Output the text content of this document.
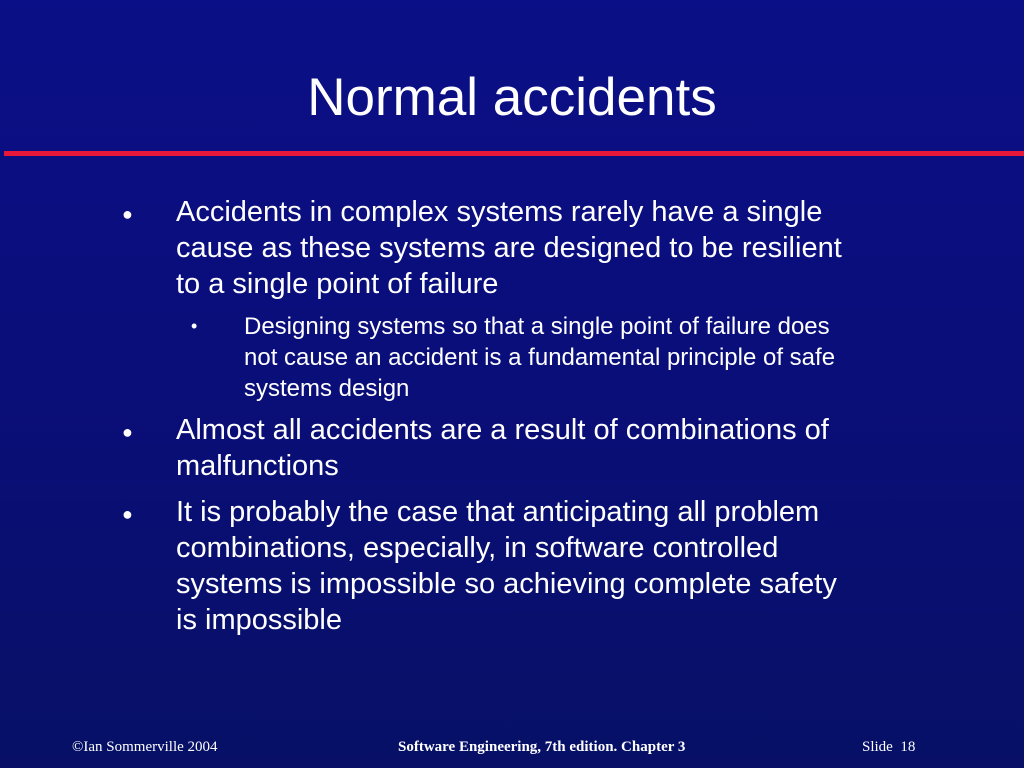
Normal accidents
● Accidents in complex systems rarely have a single
cause as these systems are designed to be resilient
to a single point of failure
• Designing systems so that a single point of failure does
not cause an accident is a fundamental principle of safe
systems design
● Almost all accidents are a result of combinations of
malfunctions
● It is probably the case that anticipating all problem
combinations, especially, in software controlled
systems is impossible so achieving complete safety
is impossible
©Ian Sommerville 2004	Software Engineering, 7th edition. Chapter 3	Slide  18
